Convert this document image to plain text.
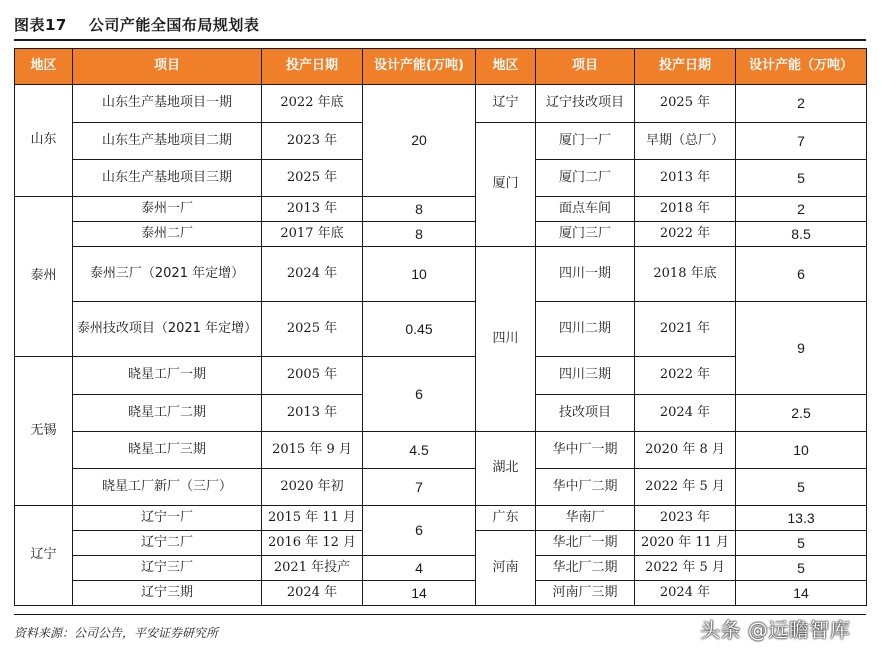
图表17 公司产能全国布局规划表
地区	项目	投产日期	设计产能(万吨)	地区	项目	投产日期	设计产能（万吨）
山东	山东生产基地项目一期	2022 年底	20	辽宁	辽宁技改项目	2025 年	2
	山东生产基地项目二期	2023 年		厦门	厦门一厂	早期（总厂）	7
	山东生产基地项目三期	2025 年			厦门二厂	2013 年	5
泰州	泰州一厂	2013 年	8		面点车间	2018 年	2
	泰州二厂	2017 年底	8		厦门三厂	2022 年	8.5
	泰州三厂（2021 年定增）	2024 年	10	四川	四川一期	2018 年底	6
	泰州技改项目（2021 年定增）	2025 年	0.45		四川二期	2021 年	9
无锡	晓星工厂一期	2005 年	6		四川三期	2022 年	
	晓星工厂二期	2013 年			技改项目	2024 年	2.5
	晓星工厂三期	2015 年 9 月	4.5	湖北	华中厂一期	2020 年 8 月	10
	晓星工厂新厂（三厂）	2020 年初	7		华中厂二期	2022 年 5 月	5
辽宁	辽宁一厂	2015 年 11 月	6	广东	华南厂	2023 年	13.3
	辽宁二厂	2016 年 12 月		河南	华北厂一期	2020 年 11 月	5
	辽宁三厂	2021 年投产	4		华北厂二期	2022 年 5 月	5
	辽宁三期	2024 年	14		河南厂三期	2024 年	14
资料来源：公司公告，平安证券研究所	头条 @远瞻智库
